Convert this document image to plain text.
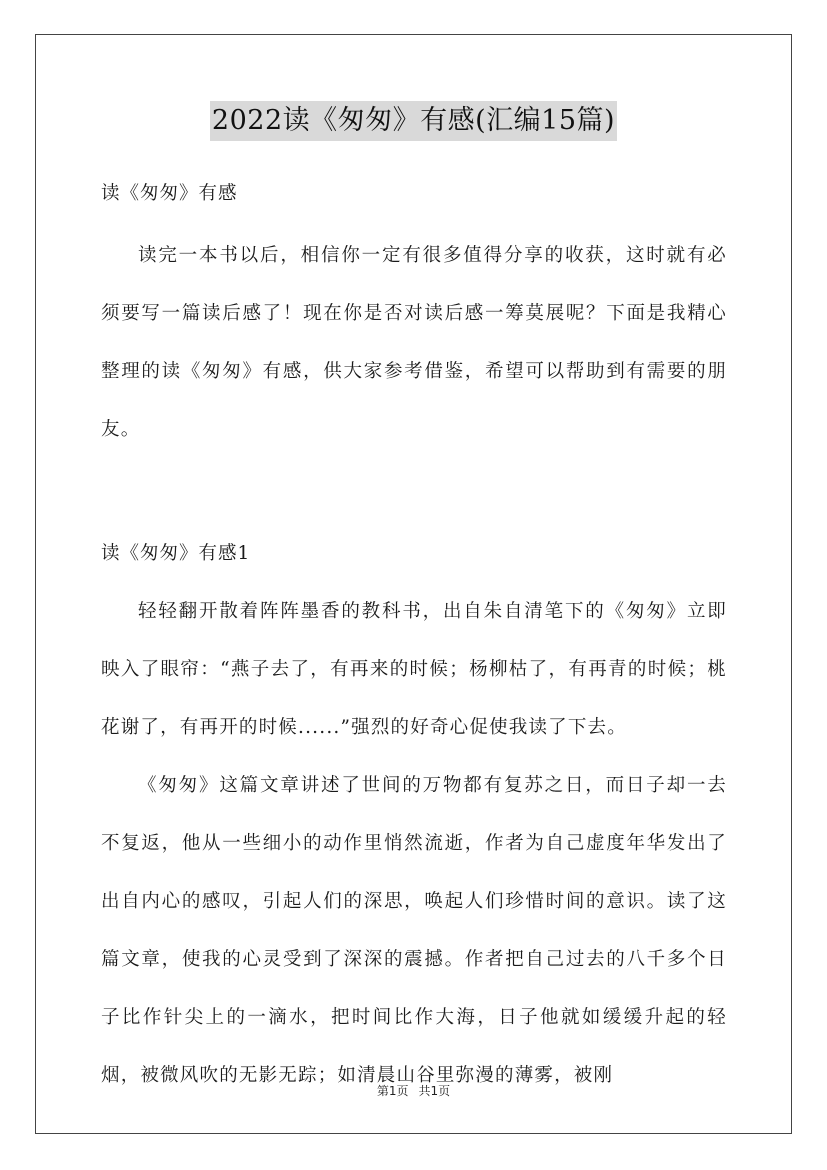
2022读《匆匆》有感(汇编15篇)

读《匆匆》有感

读完一本书以后，相信你一定有很多值得分享的收获，这时就有必须要写一篇读后感了！现在你是否对读后感一筹莫展呢？下面是我精心整理的读《匆匆》有感，供大家参考借鉴，希望可以帮助到有需要的朋友。

读《匆匆》有感1

轻轻翻开散着阵阵墨香的教科书，出自朱自清笔下的《匆匆》立即映入了眼帘：“燕子去了，有再来的时候；杨柳枯了，有再青的时候；桃花谢了，有再开的时候......”强烈的好奇心促使我读了下去。

《匆匆》这篇文章讲述了世间的万物都有复苏之日，而日子却一去不复返，他从一些细小的动作里悄然流逝，作者为自己虚度年华发出了出自内心的感叹，引起人们的深思，唤起人们珍惜时间的意识。读了这篇文章，使我的心灵受到了深深的震撼。作者把自己过去的八千多个日子比作针尖上的一滴水，把时间比作大海，日子他就如缓缓升起的轻烟，被微风吹的无影无踪；如清晨山谷里弥漫的薄雾，被刚

第1页 共1页
